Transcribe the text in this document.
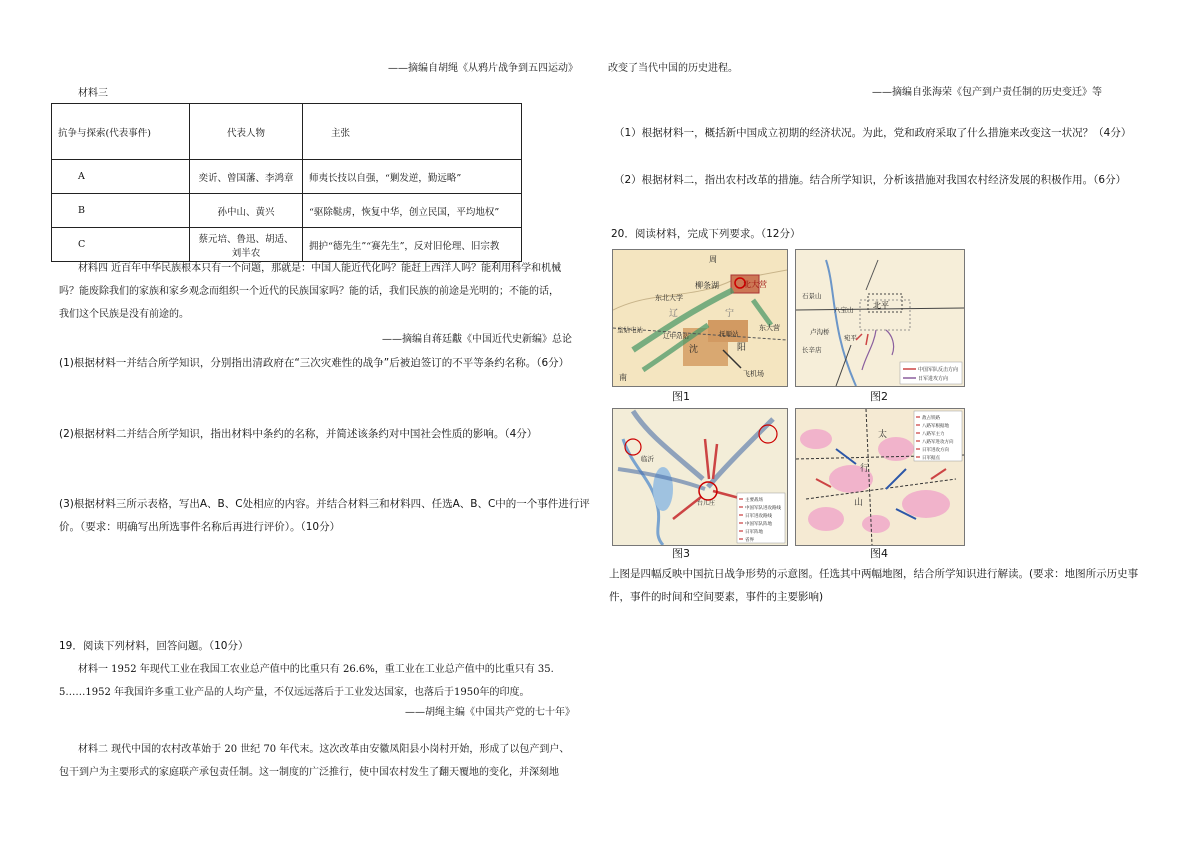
——摘编自胡绳《从鸦片战争到五四运动》
材料三
抗争与探索(代表事件)	代表人物	主张
A	奕䜣、曾国藩、李鸿章	师夷长技以自强，“剿发逆，勤远略”
B	孙中山、黄兴	“驱除鞑虏，恢复中华，创立民国，平均地权”
C	蔡元培、鲁迅、胡适、刘半农	拥护“德先生”“赛先生”，反对旧伦理、旧宗教
材料四 近百年中华民族根本只有一个问题，那就是：中国人能近代化吗？能赶上西洋人吗？能利用科学和机械
吗？能废除我们的家族和家乡观念而组织一个近代的民族国家吗？能的话，我们民族的前途是光明的；不能的话，
我们这个民族是没有前途的。
——摘编自蒋廷黻《中国近代史新编》总论
(1)根据材料一并结合所学知识，分别指出清政府在“三次灾难性的战争”后被迫签订的不平等条约名称。（6分）
(2)根据材料二并结合所学知识，指出材料中条约的名称，并简述该条约对中国社会性质的影响。（4分）
(3)根据材料三所示表格，写出A、B、C处相应的内容。并结合材料三和材料四、任选A、B、C中的一个事件进行评
价。（要求：明确写出所选事件名称后再进行评价）。（10分）
19．阅读下列材料，回答问题。（10分）
材料一 1952 年现代工业在我国工农业总产值中的比重只有 26.6%，重工业在工业总产值中的比重只有 35.
5……1952 年我国许多重工业产品的人均产量，不仅远远落后于工业发达国家，也落后于1950年的印度。
——胡绳主编《中国共产党的七十年》
材料二 现代中国的农村改革始于 20 世纪 70 年代末。这次改革由安徽凤阳县小岗村开始，形成了以包产到户、
包干到户为主要形式的家庭联产承包责任制。这一制度的广泛推行，使中国农村发生了翻天覆地的变化，并深刻地
改变了当代中国的历史进程。
——摘编自张海荣《包产到户责任制的历史变迁》等
（1）根据材料一，概括新中国成立初期的经济状况。为此，党和政府采取了什么措施来改变这一状况？（4分）
（2）根据材料二，指出农村改革的措施。结合所学知识，分析该措施对我国农村经济发展的积极作用。（6分）
20．阅读材料，完成下列要求。（12分）
北大营
柳条湖
东北大学
辽	宁
皇姑屯站
辽中站站
沈	阳
抚顺站
东大营
飞机场
南
周
图1
北平
石景山
八宝山
卢沟桥
长辛店
宛平
中国军队反击方向
日军进攻方向
图2
临沂
台儿庄	主要战场
中国军队进攻路线
日军进攻路线
中国军队阵地
日军阵地
省界
图3
太
行
山
敌占铁路
八路军根据地
八路军主力
八路军进攻方向
日军进攻方向
日军据点
图4
上图是四幅反映中国抗日战争形势的示意图。任选其中两幅地图，结合所学知识进行解读。(要求：地图所示历史事
件，事件的时间和空间要素，事件的主要影响)
